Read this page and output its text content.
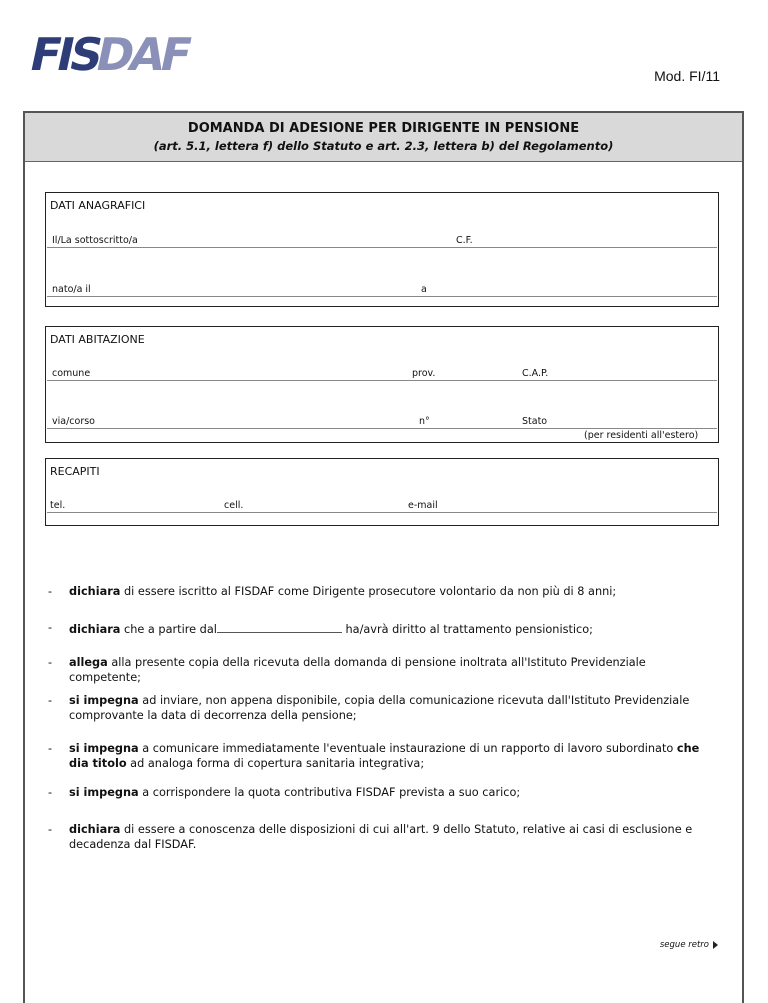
FIS
DAF	Mod. FI/11
DOMANDA DI ADESIONE PER DIRIGENTE IN PENSIONE
(art. 5.1, lettera f) dello Statuto e art. 2.3, lettera b) del Regolamento)
DATI ANAGRAFICI
Il/La sottoscritto/a	C.F.
nato/a il	a
DATI ABITAZIONE
comune	prov.	C.A.P.
via/corso	n°	Stato
(per residenti all'estero)
RECAPITI
tel.	cell.	e-mail
- dichiara di essere iscritto al FISDAF come Dirigente prosecutore volontario da non più di 8 anni;
- dichiara che a partire dal	ha/avrà diritto al trattamento pensionistico;
- allega alla presente copia della ricevuta della domanda di pensione inoltrata all'Istituto Previdenziale competente;
- si impegna ad inviare, non appena disponibile, copia della comunicazione ricevuta dall'Istituto Previdenziale comprovante la data di decorrenza della pensione;
- si impegna a comunicare immediatamente l'eventuale instaurazione di un rapporto di lavoro subordinato che dia titolo ad analoga forma di copertura sanitaria integrativa;
- si impegna a corrispondere la quota contributiva FISDAF prevista a suo carico;
- dichiara di essere a conoscenza delle disposizioni di cui all'art. 9 dello Statuto, relative ai casi di esclusione e decadenza dal FISDAF.
segue retro
